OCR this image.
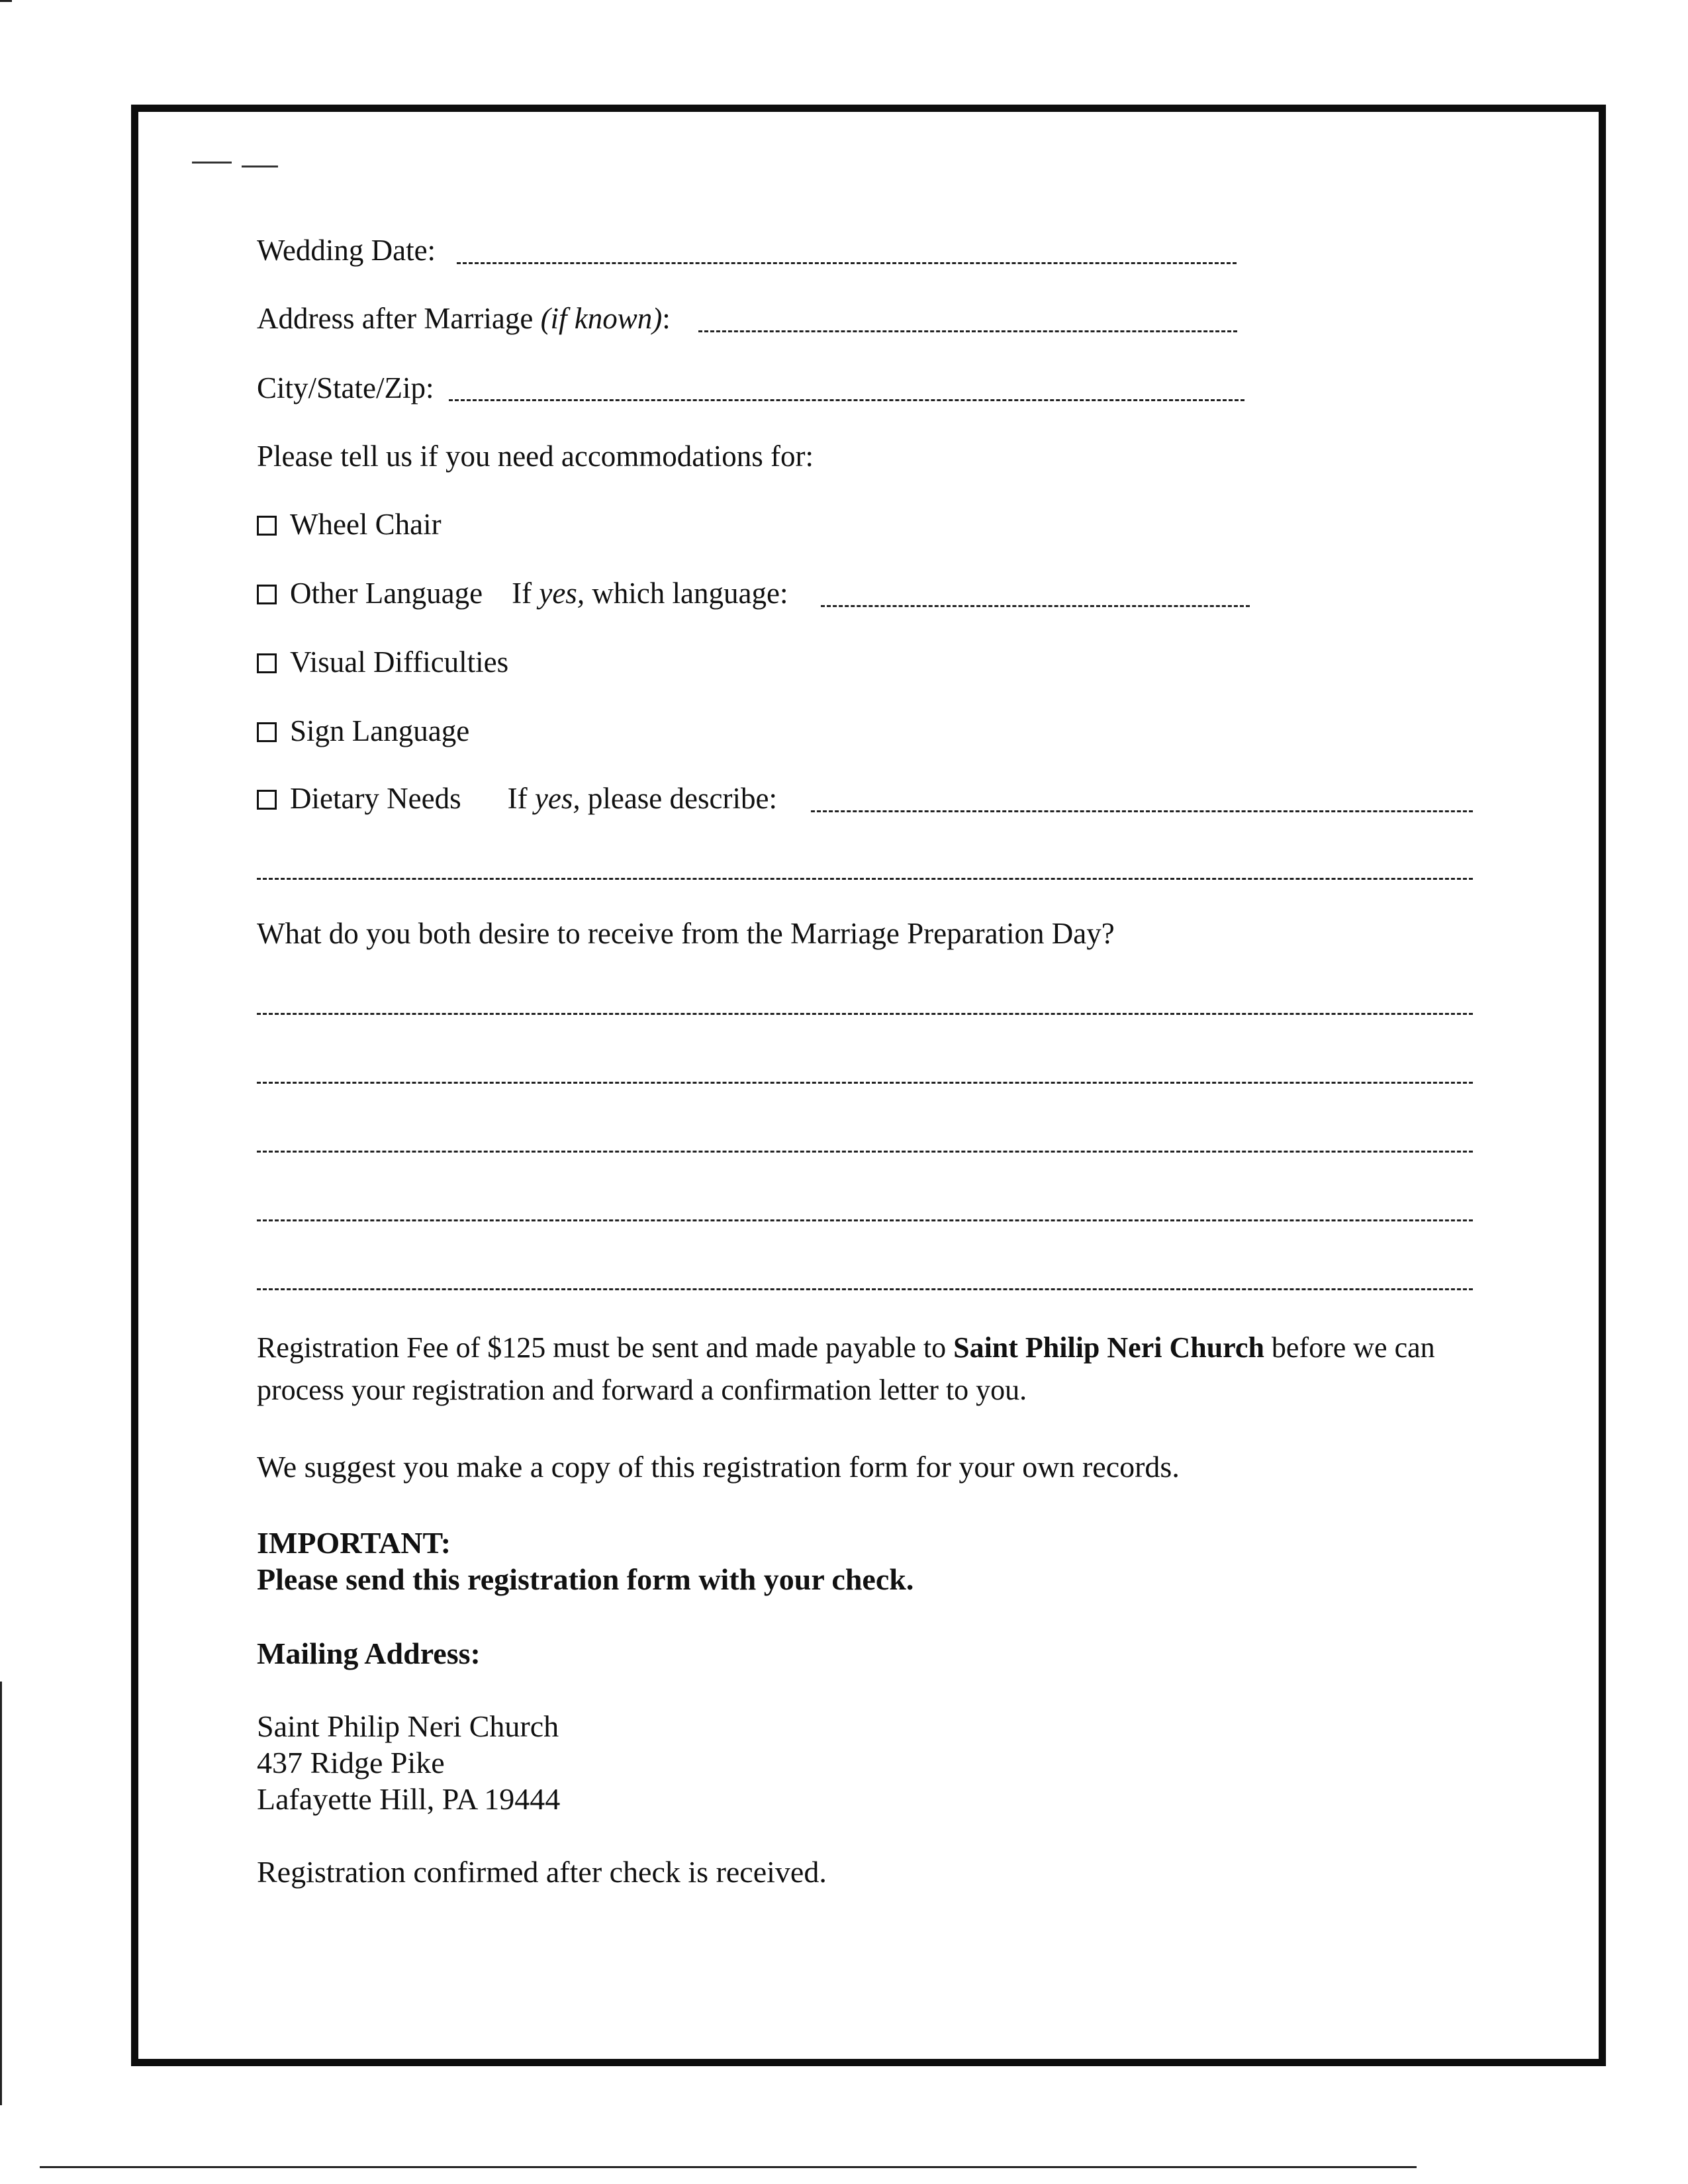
Wedding Date:
Address after Marriage (if known):
City/State/Zip:
Please tell us if you need accommodations for:
Wheel Chair
Other Language If yes, which language:
Visual Difficulties
Sign Language
Dietary Needs If yes, please describe:
What do you both desire to receive from the Marriage Preparation Day?
Registration Fee of $125 must be sent and made payable to Saint Philip Neri Church before we can process your registration and forward a confirmation letter to you.
We suggest you make a copy of this registration form for your own records.
IMPORTANT:
Please send this registration form with your check.
Mailing Address:
Saint Philip Neri Church
437 Ridge Pike
Lafayette Hill, PA 19444
Registration confirmed after check is received.
